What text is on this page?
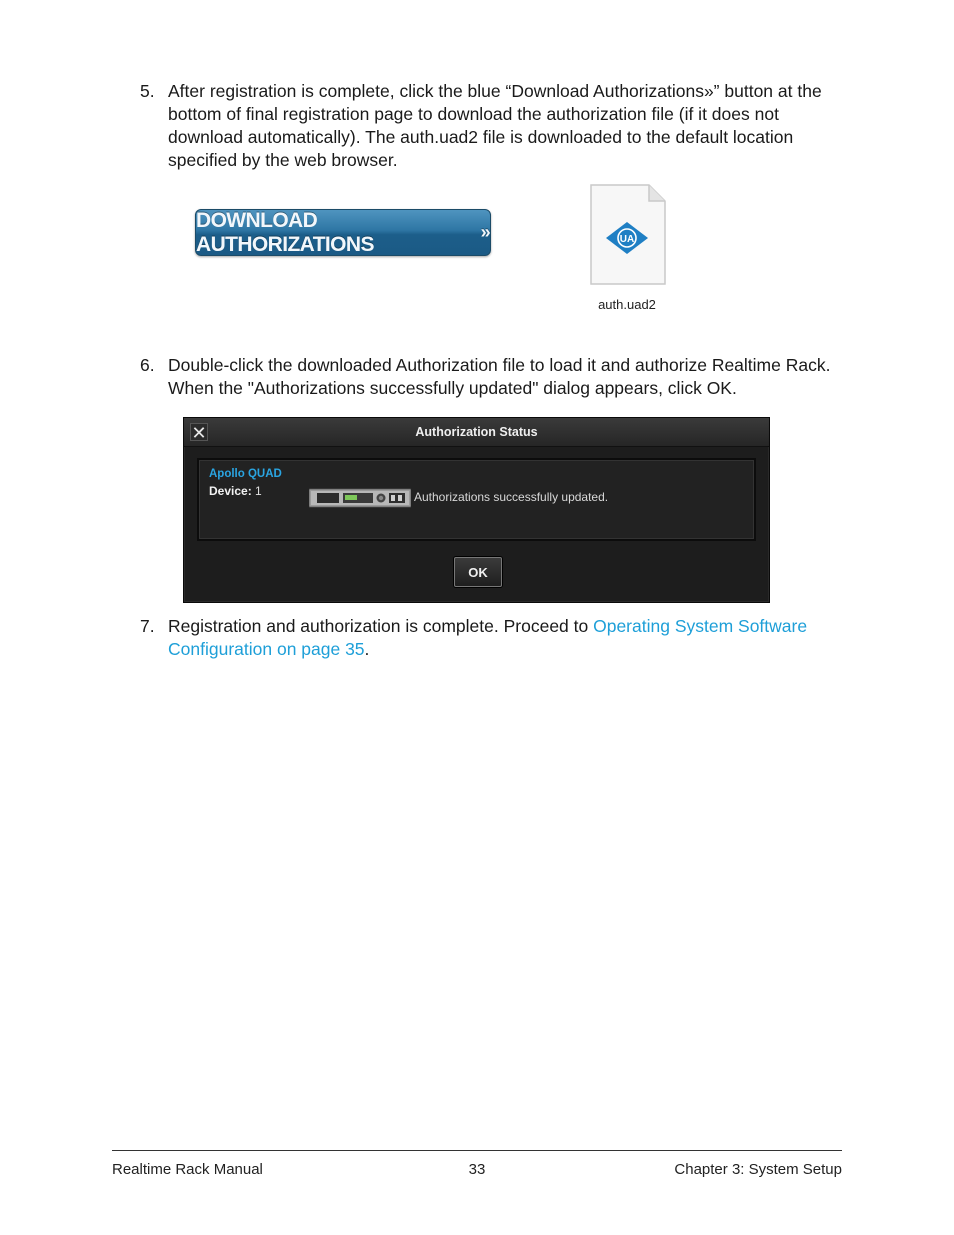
5. After registration is complete, click the blue “Download Authorizations»” button at the bottom of final registration page to download the authorization file (if it does not download automatically). The auth.uad2 file is downloaded to the default location specified by the web browser.
DOWNLOAD AUTHORIZATIONS
»	UA
auth.uad2
6. Double-click the downloaded Authorization file to load it and authorize Realtime Rack. When the "Authorizations successfully updated" dialog appears, click OK.
✕	Authorization Status
Apollo QUAD
Device: 1	Authorizations successfully updated.
OK
7. Registration and authorization is complete. Proceed to Operating System Software Configuration on page 35.
Realtime Rack Manual	33	Chapter 3: System Setup
